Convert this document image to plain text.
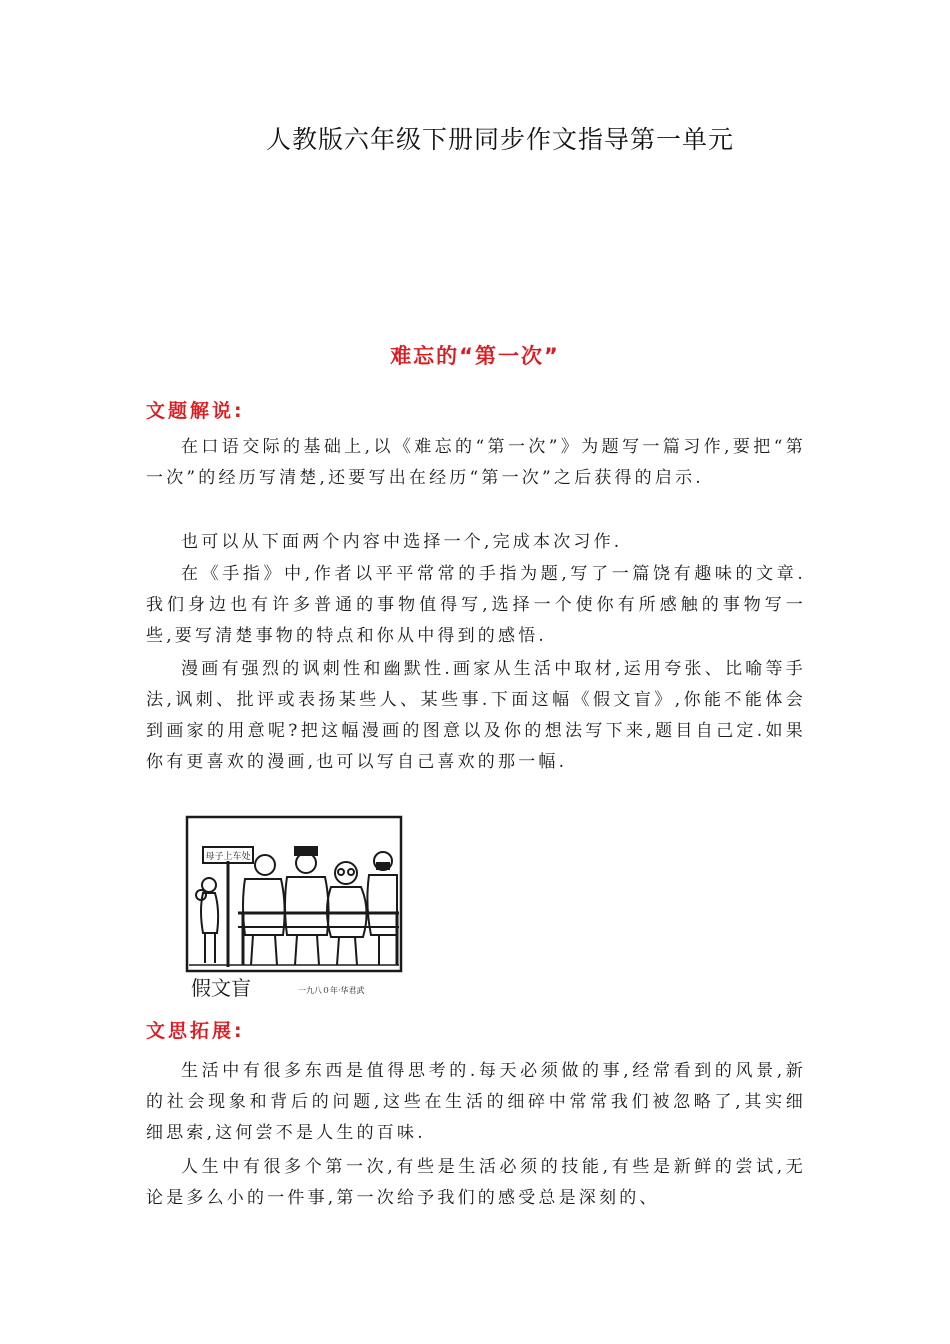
人教版六年级下册同步作文指导第一单元
难忘的“第一次”
文题解说:

在口语交际的基础上,以《难忘的“第一次”》为题写一篇习作,要把“第一次”的经历写清楚,还要写出在经历“第一次”之后获得的启示.

也可以从下面两个内容中选择一个,完成本次习作.

在《手指》中,作者以平平常常的手指为题,写了一篇饶有趣味的文章.我们身边也有许多普通的事物值得写,选择一个使你有所感触的事物写一些,要写清楚事物的特点和你从中得到的感悟.

漫画有强烈的讽刺性和幽默性.画家从生活中取材,运用夸张、比喻等手法,讽刺、批评或表扬某些人、某些事.下面这幅《假文盲》,你能不能体会到画家的用意呢?把这幅漫画的图意以及你的想法写下来,题目自己定.如果你有更喜欢的漫画,也可以写自己喜欢的那一幅.

母子上车处
假文盲	一九八０年·华君武
文思拓展:

生活中有很多东西是值得思考的.每天必须做的事,经常看到的风景,新的社会现象和背后的问题,这些在生活的细碎中常常我们被忽略了,其实细细思索,这何尝不是人生的百味.

人生中有很多个第一次,有些是生活必须的技能,有些是新鲜的尝试,无论是多么小的一件事,第一次给予我们的感受总是深刻的、
